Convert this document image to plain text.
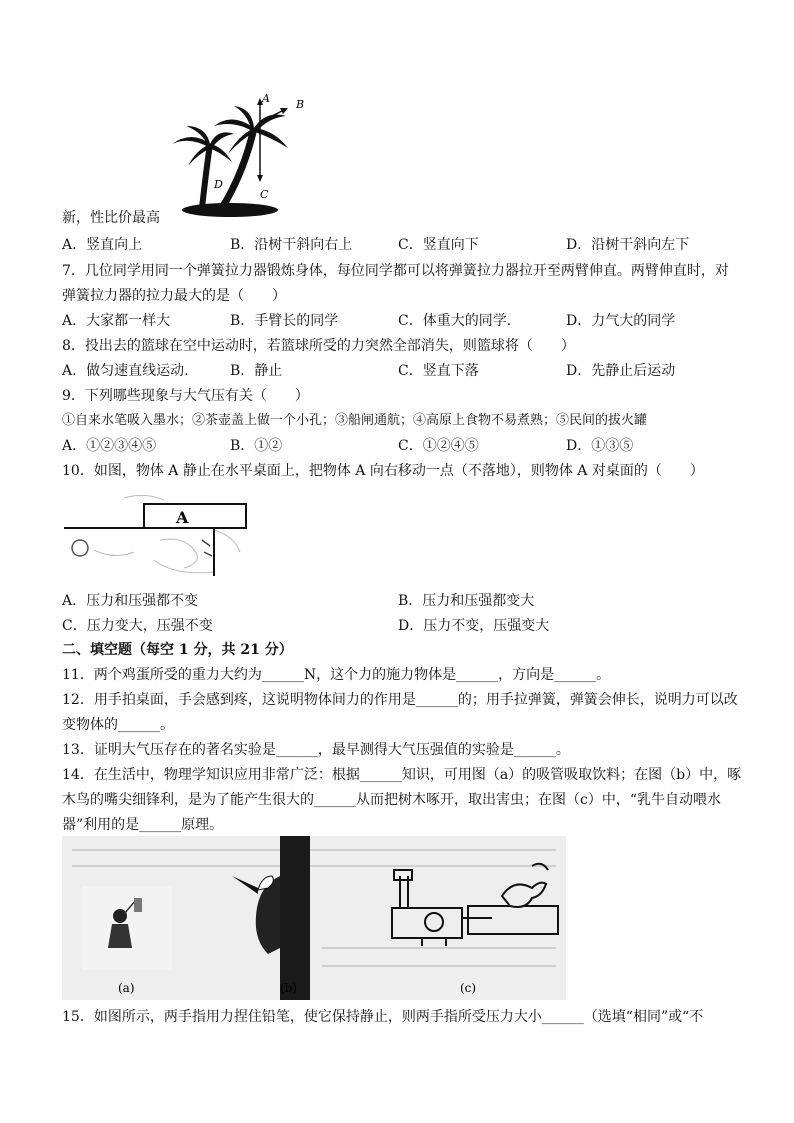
A B
C
D
新，性比价最高
A．竖直向上	B．沿树干斜向右上	C．竖直向下	D．沿树干斜向左下
7．几位同学用同一个弹簧拉力器锻炼身体，每位同学都可以将弹簧拉力器拉开至两臂伸直。两臂伸直时，对
弹簧拉力器的拉力最大的是（　　）
A．大家都一样大	B．手臂长的同学	C．体重大的同学.	D．力气大的同学
8．投出去的篮球在空中运动时，若篮球所受的力突然全部消失，则篮球将（　　）
A．做匀速直线运动.	B．静止	C．竖直下落	D．先静止后运动
9．下列哪些现象与大气压有关（　　）
①自来水笔吸入墨水；②茶壶盖上做一个小孔；③船闸通航；④高原上食物不易煮熟；⑤民间的拔火罐
A．①②③④⑤	B．①②	C．①②④⑤	D．①③⑤
10．如图，物体 A 静止在水平桌面上，把物体 A 向右移动一点（不落地），则物体 A 对桌面的（　　）
A
A．压力和压强都不变	B．压力和压强都变大
C．压力变大，压强不变	D．压力不变，压强变大
二、填空题（每空 1 分，共 21 分）
11．两个鸡蛋所受的重力大约为______N，这个力的施力物体是______，方向是______。
12．用手拍桌面，手会感到疼，这说明物体间力的作用是______的；用手拉弹簧，弹簧会伸长，说明力可以改
变物体的______。
13．证明大气压存在的著名实验是______，最早测得大气压强值的实验是______。
14．在生活中，物理学知识应用非常广泛：根据______知识，可用图（a）的吸管吸取饮料；在图（b）中，啄
木鸟的嘴尖细锋利，是为了能产生很大的______从而把树木啄开，取出害虫；在图（c）中，“乳牛自动喂水
器”利用的是______原理。
(a)	(b)	(c)
15．如图所示，两手指用力捏住铅笔，使它保持静止，则两手指所受压力大小______（选填“相同”或“不
